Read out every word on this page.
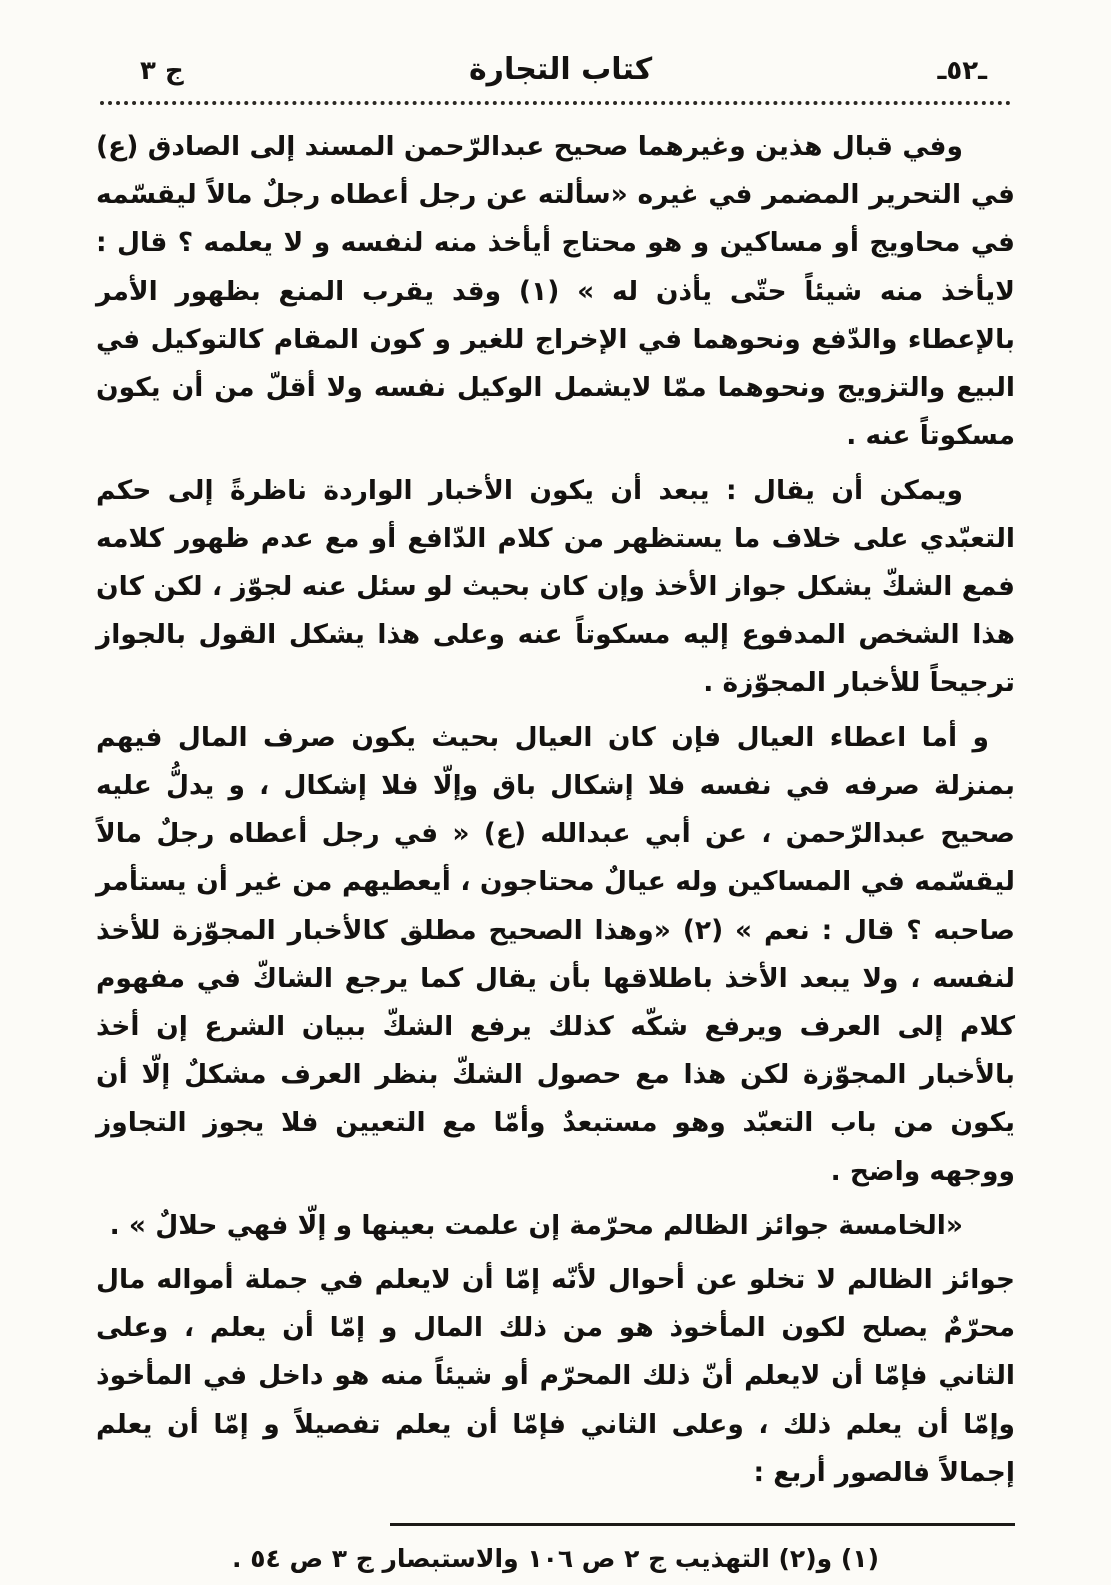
ـ٥٢ـ
كتاب التجارة
ج ٣

وفي قبال هذين وغيرهما صحيح عبدالرّحمن المسند إلى الصادق (ع) في التحرير المضمر في غيره «سألته عن رجل أعطاه رجلٌ مالاً ليقسّمه في محاويج أو مساكين و هو محتاج أيأخذ منه لنفسه و لا يعلمه ؟ قال : لايأخذ منه شيئاً حتّى يأذن له » (١) وقد يقرب المنع بظهور الأمر بالإعطاء والدّفع ونحوهما في الإخراج للغير و كون المقام كالتوكيل في البيع والتزويج ونحوهما ممّا لايشمل الوكيل نفسه ولا أقلّ من أن يكون مسكوتاً عنه .

ويمكن أن يقال : يبعد أن يكون الأخبار الواردة ناظرةً إلى حكم التعبّدي على خلاف ما يستظهر من كلام الدّافع أو مع عدم ظهور كلامه فمع الشكّ يشكل جواز الأخذ وإن كان بحيث لو سئل عنه لجوّز ، لكن كان هذا الشخص المدفوع إليه مسكوتاً عنه وعلى هذا يشكل القول بالجواز ترجيحاً للأخبار المجوّزة .

و أما اعطاء العيال فإن كان العيال بحيث يكون صرف المال فيهم بمنزلة صرفه في نفسه فلا إشكال باق وإلّا فلا إشكال ، و يدلُّ عليه صحيح عبدالرّحمن ، عن أبي عبدالله (ع) « في رجل أعطاه رجلٌ مالاً ليقسّمه في المساكين وله عيالٌ محتاجون ، أيعطيهم من غير أن يستأمر صاحبه ؟ قال : نعم » (٢) «وهذا الصحيح مطلق كالأخبار المجوّزة للأخذ لنفسه ، ولا يبعد الأخذ باطلاقها بأن يقال كما يرجع الشاكّ في مفهوم كلام إلى العرف ويرفع شكّه كذلك يرفع الشكّ ببيان الشرع إن أخذ بالأخبار المجوّزة لكن هذا مع حصول الشكّ بنظر العرف مشكلٌ إلّا أن يكون من باب التعبّد وهو مستبعدٌ وأمّا مع التعيين فلا يجوز التجاوز ووجهه واضح .

«الخامسة جوائز الظالم محرّمة إن علمت بعينها و إلّا فهي حلالٌ » .

جوائز الظالم لا تخلو عن أحوال لأنّه إمّا أن لايعلم في جملة أمواله مال محرّمٌ يصلح لكون المأخوذ هو من ذلك المال و إمّا أن يعلم ، وعلى الثاني فإمّا أن لايعلم أنّ ذلك المحرّم أو شيئاً منه هو داخل في المأخوذ وإمّا أن يعلم ذلك ، وعلى الثاني فإمّا أن يعلم تفصيلاً و إمّا أن يعلم إجمالاً فالصور أربع :

(١) و(٢) التهذيب ج ٢ ص ١٠٦ والاستبصار ج ٣ ص ٥٤ .
